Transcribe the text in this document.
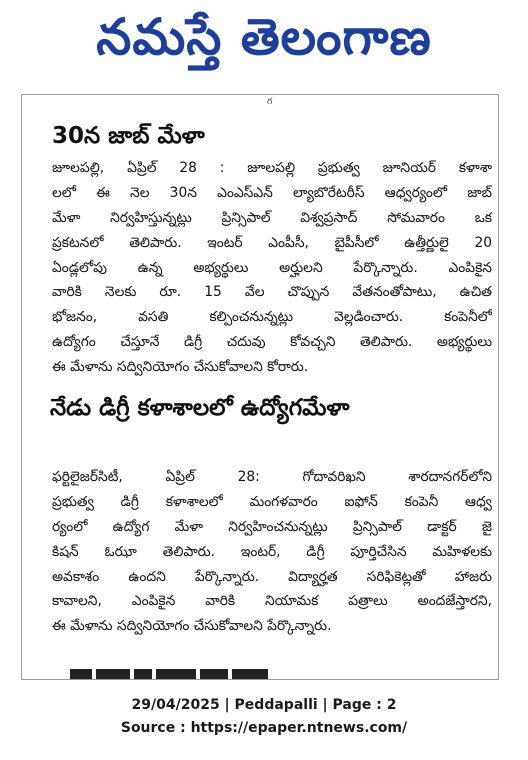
నమస్తే తెలంగాణ
గ
30న జాబ్ మేళా
జూలపల్లి, ఏప్రిల్ 28 : జూలపల్లి ప్రభుత్వ జూనియర్ కళాశా
లలో ఈ నెల 30న ఎంఎస్ఎన్ ల్యాబొరేటరీస్ ఆధ్వర్యంలో జాబ్
మేళా నిర్వహిస్తున్నట్లు ప్రిన్సిపాల్ విశ్వప్రసాద్ సోమవారం ఒక
ప్రకటనలో తెలిపారు. ఇంటర్ ఎంపీసీ, బైపీసీలో ఉత్తీర్ణులై 20
ఏండ్లలోపు ఉన్న అభ్యర్థులు అర్హులని పేర్కొన్నారు. ఎంపికైన
వారికి నెలకు రూ. 15 వేల చొప్పున వేతనంతోపాటు, ఉచిత
భోజనం, వసతి కల్పించనున్నట్లు వెల్లడించారు. కంపెనీలో
ఉద్యోగం చేస్తూనే డిగ్రీ చదువు కోవచ్చని తెలిపారు. అభ్యర్థులు
ఈ మేళాను సద్వినియోగం చేసుకోవాలని కోరారు.
నేడు డిగ్రీ కళాశాలలో ఉద్యోగమేళా
ఫర్టిలైజర్‌సిటీ, ఏప్రిల్ 28: గోదావరిఖని శారదానగర్‌లోని
ప్రభుత్వ డిగ్రీ కళాశాలలో మంగళవారం ఐఫోన్ కంపెనీ ఆధ్వ
ర్యంలో ఉద్యోగ మేళా నిర్వహించనున్నట్లు ప్రిన్సిపాల్ డాక్టర్ జై
కిషన్ ఓఝా తెలిపారు. ఇంటర్, డిగ్రీ పూర్తిచేసిన మహిళలకు
అవకాశం ఉందని పేర్కొన్నారు. విద్యార్హత సరిఫికెట్లతో హాజరు
కావాలని, ఎంపికైన వారికి నియామక పత్రాలు అందజేస్తారని,
ఈ మేళాను సద్వినియోగం చేసుకోవాలని పేర్కొన్నారు.
29/04/2025 | Peddapalli | Page : 2
Source : https://epaper.ntnews.com/
